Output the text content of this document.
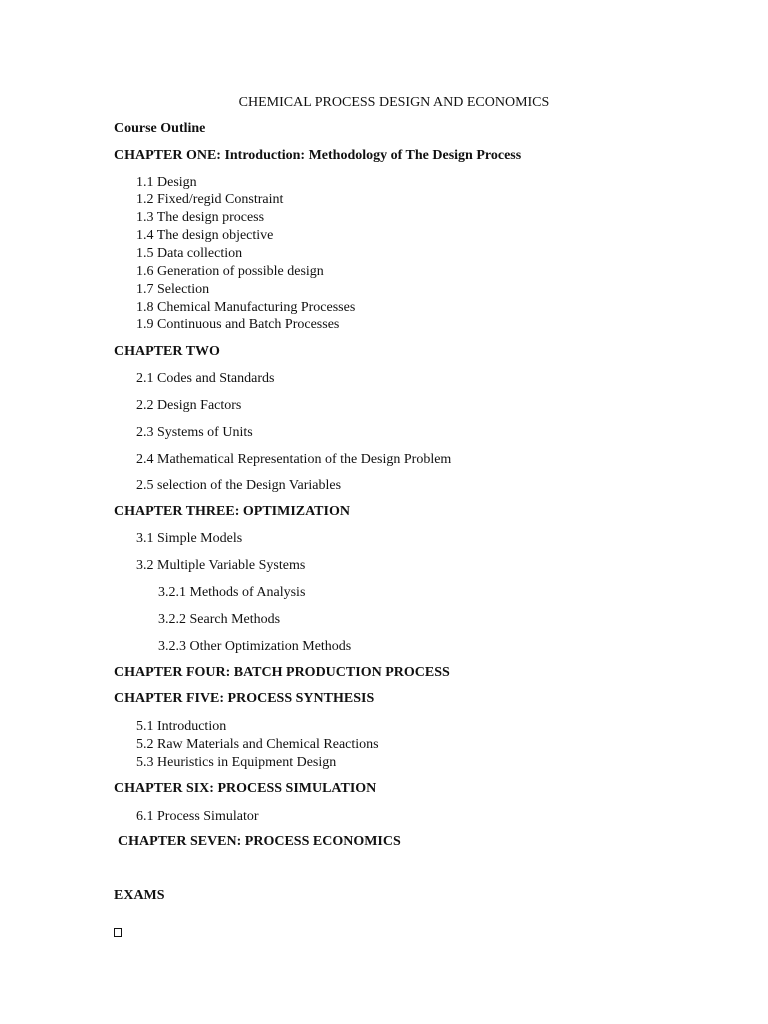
CHEMICAL PROCESS DESIGN AND ECONOMICS
Course Outline
CHAPTER ONE: Introduction: Methodology of The Design Process
1.1 Design
1.2 Fixed/regid Constraint
1.3 The design process
1.4 The design objective
1.5 Data collection
1.6 Generation of possible design
1.7 Selection
1.8 Chemical Manufacturing Processes
1.9 Continuous and Batch Processes
CHAPTER TWO
2.1 Codes and Standards
2.2 Design Factors
2.3 Systems of Units
2.4 Mathematical Representation of the Design Problem
2.5 selection of the Design Variables
CHAPTER THREE: OPTIMIZATION
3.1 Simple Models
3.2 Multiple Variable Systems
3.2.1 Methods of Analysis
3.2.2 Search Methods
3.2.3 Other Optimization Methods
CHAPTER FOUR: BATCH PRODUCTION PROCESS
CHAPTER FIVE: PROCESS SYNTHESIS
5.1 Introduction
5.2 Raw Materials and Chemical Reactions
5.3 Heuristics in Equipment Design
CHAPTER SIX: PROCESS SIMULATION
6.1 Process Simulator
CHAPTER SEVEN: PROCESS ECONOMICS
EXAMS
